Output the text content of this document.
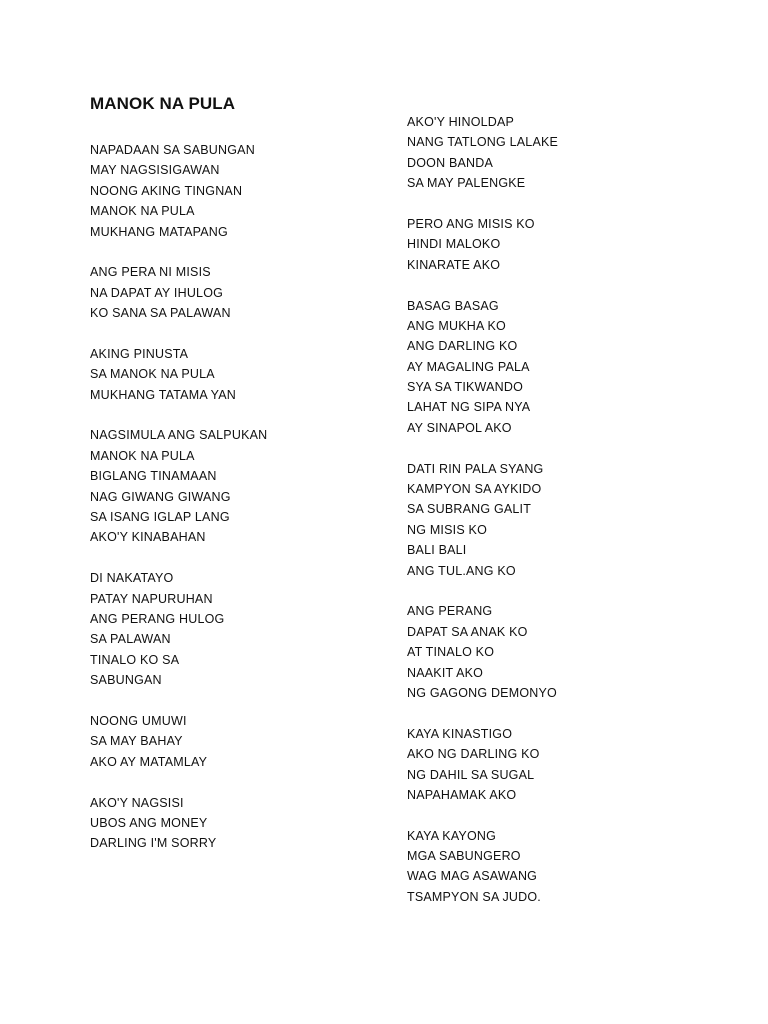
MANOK NA PULA
NAPADAAN SA SABUNGAN
MAY NAGSISIGAWAN
NOONG AKING TINGNAN
MANOK NA PULA
MUKHANG MATAPANG
ANG PERA NI MISIS
NA DAPAT AY IHULOG
KO SANA SA PALAWAN
AKING PINUSTA
SA MANOK NA PULA
MUKHANG TATAMA YAN
NAGSIMULA ANG SALPUKAN
MANOK NA PULA
BIGLANG TINAMAAN
NAG GIWANG GIWANG
SA ISANG IGLAP LANG
AKO'Y KINABAHAN
DI NAKATAYO
PATAY NAPURUHAN
ANG PERANG HULOG
SA PALAWAN
TINALO KO SA
SABUNGAN
NOONG UMUWI
SA MAY BAHAY
AKO AY MATAMLAY
AKO'Y NAGSISI
UBOS ANG MONEY
DARLING I'M SORRY
AKO'Y HINOLDAP
NANG TATLONG LALAKE
DOON BANDA
SA MAY PALENGKE
PERO ANG MISIS KO
HINDI MALOKO
KINARATE AKO
BASAG BASAG
ANG MUKHA KO
ANG DARLING KO
AY MAGALING PALA
SYA SA TIKWANDO
LAHAT NG SIPA NYA
AY SINAPOL AKO
DATI RIN PALA SYANG
KAMPYON SA AYKIDO
SA SUBRANG GALIT
NG MISIS KO
BALI BALI
ANG TUL.ANG KO
ANG PERANG
DAPAT SA ANAK KO
AT TINALO KO
NAAKIT AKO
NG GAGONG DEMONYO
KAYA KINASTIGO
AKO NG DARLING KO
NG DAHIL SA SUGAL
NAPAHAMAK AKO
KAYA KAYONG
MGA SABUNGERO
WAG MAG ASAWANG
TSAMPYON SA JUDO.
